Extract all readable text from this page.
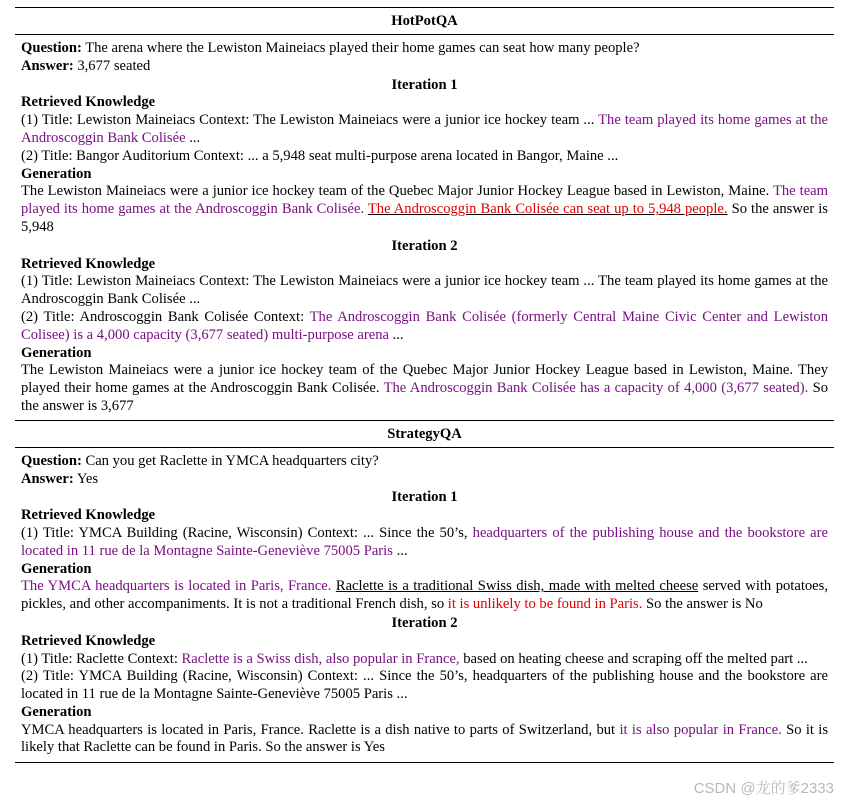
HotPotQA
Question: The arena where the Lewiston Maineiacs played their home games can seat how many people?
Answer: 3,677 seated
Iteration 1
Retrieved Knowledge
(1) Title: Lewiston Maineiacs Context: The Lewiston Maineiacs were a junior ice hockey team ... The team played its home games at the Androscoggin Bank Colisée ...
(2) Title: Bangor Auditorium Context: ... a 5,948 seat multi-purpose arena located in Bangor, Maine ...
Generation
The Lewiston Maineiacs were a junior ice hockey team of the Quebec Major Junior Hockey League based in Lewiston, Maine. The team played its home games at the Androscoggin Bank Colisée. The Androscoggin Bank Colisée can seat up to 5,948 people. So the answer is 5,948
Iteration 2
Retrieved Knowledge
(1) Title: Lewiston Maineiacs Context: The Lewiston Maineiacs were a junior ice hockey team ... The team played its home games at the Androscoggin Bank Colisée ...
(2) Title: Androscoggin Bank Colisée Context: The Androscoggin Bank Colisée (formerly Central Maine Civic Center and Lewiston Colisee) is a 4,000 capacity (3,677 seated) multi-purpose arena ...
Generation
The Lewiston Maineiacs were a junior ice hockey team of the Quebec Major Junior Hockey League based in Lewiston, Maine. They played their home games at the Androscoggin Bank Colisée. The Androscoggin Bank Colisée has a capacity of 4,000 (3,677 seated). So the answer is 3,677
StrategyQA
Question: Can you get Raclette in YMCA headquarters city?
Answer: Yes
Iteration 1
Retrieved Knowledge
(1) Title: YMCA Building (Racine, Wisconsin) Context: ... Since the 50’s, headquarters of the publishing house and the bookstore are located in 11 rue de la Montagne Sainte-Geneviève 75005 Paris ...
Generation
The YMCA headquarters is located in Paris, France. Raclette is a traditional Swiss dish, made with melted cheese served with potatoes, pickles, and other accompaniments. It is not a traditional French dish, so it is unlikely to be found in Paris. So the answer is No
Iteration 2
Retrieved Knowledge
(1) Title: Raclette Context: Raclette is a Swiss dish, also popular in France, based on heating cheese and scraping off the melted part ...
(2) Title: YMCA Building (Racine, Wisconsin) Context: ... Since the 50’s, headquarters of the publishing house and the bookstore are located in 11 rue de la Montagne Sainte-Geneviève 75005 Paris ...
Generation
YMCA headquarters is located in Paris, France. Raclette is a dish native to parts of Switzerland, but it is also popular in France. So it is likely that Raclette can be found in Paris. So the answer is Yes
CSDN @龙的爹2333
